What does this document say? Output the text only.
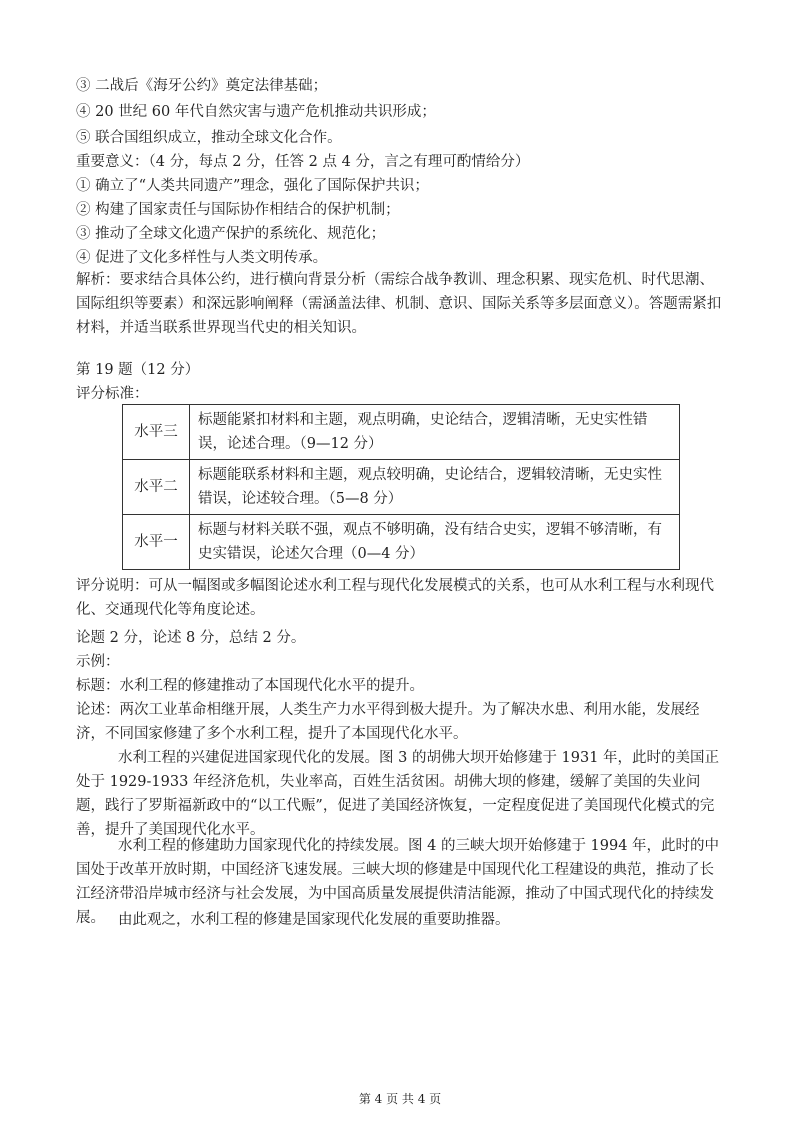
③ 二战后《海牙公约》奠定法律基础；
④ 20 世纪 60 年代自然灾害与遗产危机推动共识形成；
⑤ 联合国组织成立，推动全球文化合作。
重要意义：（4 分，每点 2 分，任答 2 点 4 分，言之有理可酌情给分）
① 确立了“人类共同遗产”理念，强化了国际保护共识；
② 构建了国家责任与国际协作相结合的保护机制；
③ 推动了全球文化遗产保护的系统化、规范化；
④ 促进了文化多样性与人类文明传承。
解析：要求结合具体公约，进行横向背景分析（需综合战争教训、理念积累、现实危机、时代思潮、国际组织等要素）和深远影响阐释（需涵盖法律、机制、意识、国际关系等多层面意义）。答题需紧扣材料，并适当联系世界现当代史的相关知识。
第 19 题（12 分）
评分标准：
水平三	标题能紧扣材料和主题，观点明确，史论结合，逻辑清晰，无史实性错误，论述合理。（9—12 分）
水平二	标题能联系材料和主题，观点较明确，史论结合，逻辑较清晰，无史实性错误，论述较合理。（5—8 分）
水平一	标题与材料关联不强，观点不够明确，没有结合史实，逻辑不够清晰，有史实错误，论述欠合理（0—4 分）
评分说明：可从一幅图或多幅图论述水利工程与现代化发展模式的关系，也可从水利工程与水利现代化、交通现代化等角度论述。
论题 2 分，论述 8 分，总结 2 分。
示例：
标题：水利工程的修建推动了本国现代化水平的提升。
论述：两次工业革命相继开展，人类生产力水平得到极大提升。为了解决水患、利用水能，发展经济，不同国家修建了多个水利工程，提升了本国现代化水平。
水利工程的兴建促进国家现代化的发展。图 3 的胡佛大坝开始修建于 1931 年，此时的美国正处于 1929-1933 年经济危机，失业率高，百姓生活贫困。胡佛大坝的修建，缓解了美国的失业问题，践行了罗斯福新政中的“以工代赈”，促进了美国经济恢复，一定程度促进了美国现代化模式的完善，提升了美国现代化水平。
水利工程的修建助力国家现代化的持续发展。图 4 的三峡大坝开始修建于 1994 年，此时的中国处于改革开放时期，中国经济飞速发展。三峡大坝的修建是中国现代化工程建设的典范，推动了长江经济带沿岸城市经济与社会发展，为中国高质量发展提供清洁能源，推动了中国式现代化的持续发展。 由此观之，水利工程的修建是国家现代化发展的重要助推器。
第 4 页 共 4 页
